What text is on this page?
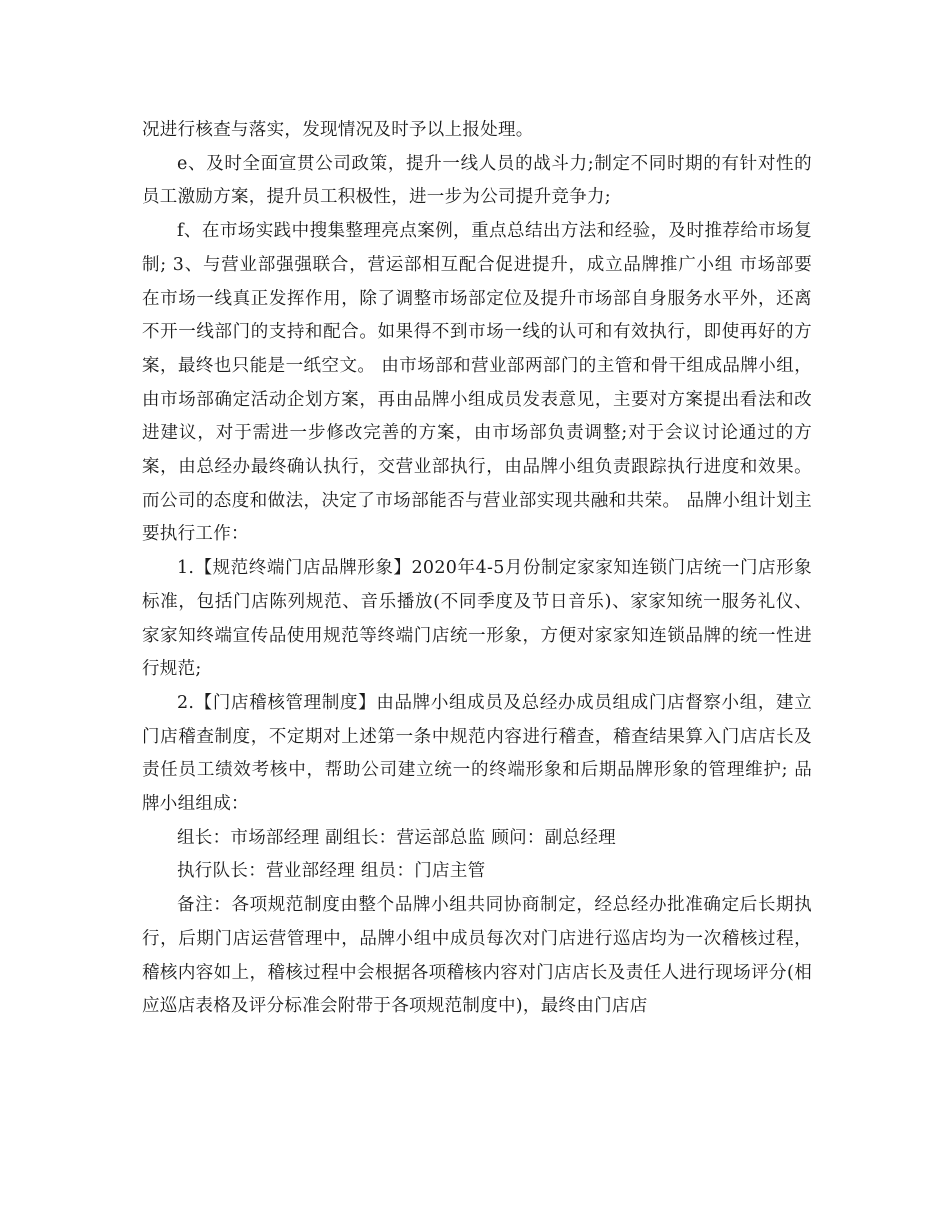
况进行核查与落实，发现情况及时予以上报处理。

e、及时全面宣贯公司政策，提升一线人员的战斗力;制定不同时期的有针对性的员工激励方案，提升员工积极性，进一步为公司提升竞争力;

f、在市场实践中搜集整理亮点案例，重点总结出方法和经验，及时推荐给市场复制; 3、与营业部强强联合，营运部相互配合促进提升，成立品牌推广小组 市场部要在市场一线真正发挥作用，除了调整市场部定位及提升市场部自身服务水平外，还离不开一线部门的支持和配合。如果得不到市场一线的认可和有效执行，即使再好的方案，最终也只能是一纸空文。 由市场部和营业部两部门的主管和骨干组成品牌小组，由市场部确定活动企划方案，再由品牌小组成员发表意见，主要对方案提出看法和改进建议，对于需进一步修改完善的方案，由市场部负责调整;对于会议讨论通过的方案，由总经办最终确认执行，交营业部执行，由品牌小组负责跟踪执行进度和效果。而公司的态度和做法，决定了市场部能否与营业部实现共融和共荣。 品牌小组计划主要执行工作：

1.【规范终端门店品牌形象】2020年4-5月份制定家家知连锁门店统一门店形象标准，包括门店陈列规范、音乐播放(不同季度及节日音乐)、家家知统一服务礼仪、家家知终端宣传品使用规范等终端门店统一形象，方便对家家知连锁品牌的统一性进行规范;

2.【门店稽核管理制度】由品牌小组成员及总经办成员组成门店督察小组，建立门店稽查制度，不定期对上述第一条中规范内容进行稽查，稽查结果算入门店店长及责任员工绩效考核中，帮助公司建立统一的终端形象和后期品牌形象的管理维护; 品牌小组组成：

组长：市场部经理 副组长：营运部总监 顾问：副总经理

执行队长：营业部经理 组员：门店主管

备注：各项规范制度由整个品牌小组共同协商制定，经总经办批准确定后长期执行，后期门店运营管理中，品牌小组中成员每次对门店进行巡店均为一次稽核过程，稽核内容如上，稽核过程中会根据各项稽核内容对门店店长及责任人进行现场评分(相应巡店表格及评分标准会附带于各项规范制度中)，最终由门店店
